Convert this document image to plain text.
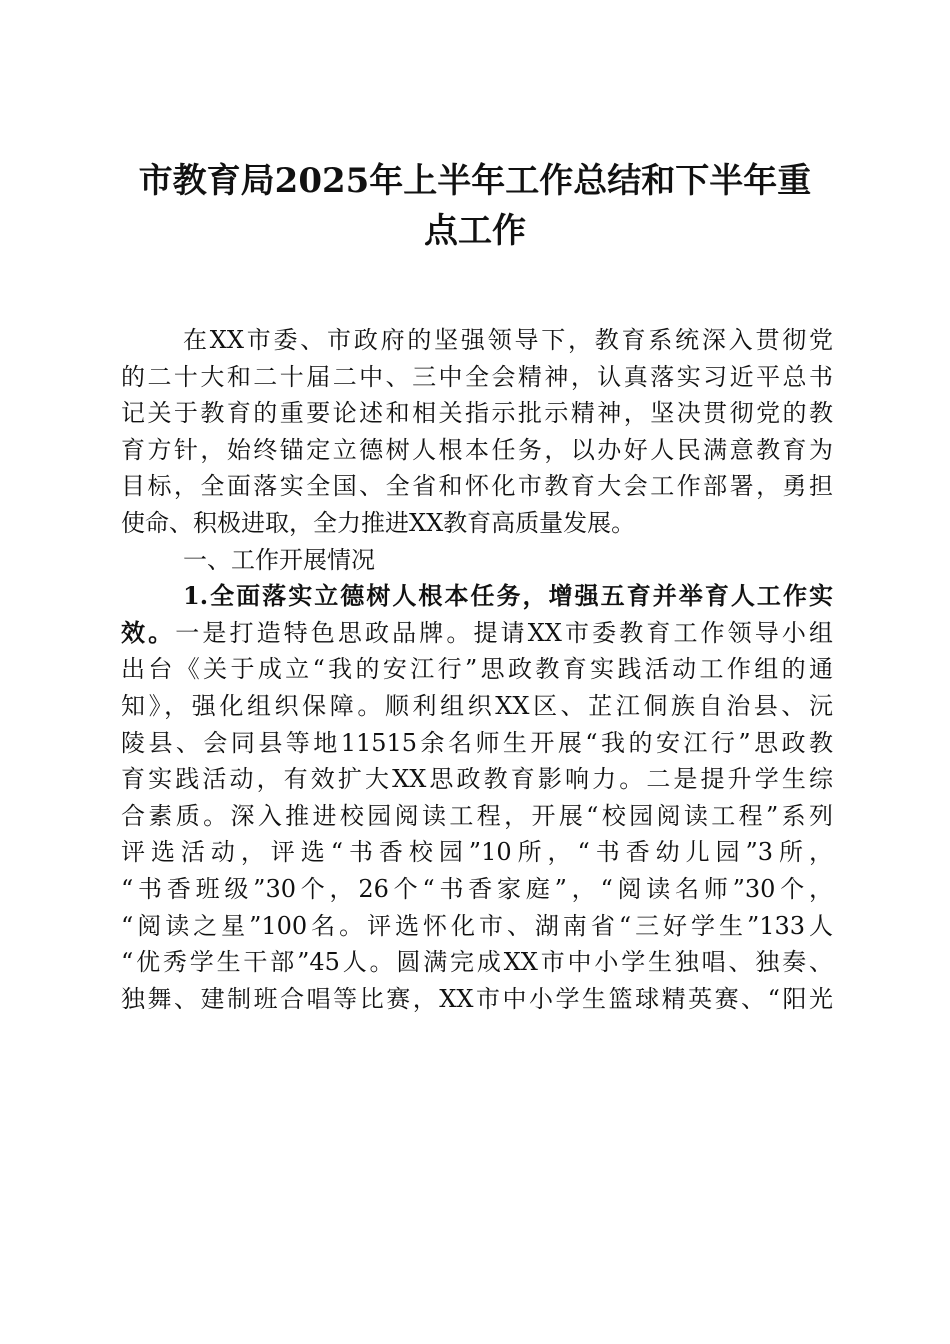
市教育局2025年上半年工作总结和下半年重
点工作
在XX市委、市政府的坚强领导下，教育系统深入贯彻党
的二十大和二十届二中、三中全会精神，认真落实习近平总书
记关于教育的重要论述和相关指示批示精神，坚决贯彻党的教
育方针，始终锚定立德树人根本任务，以办好人民满意教育为
目标，全面落实全国、全省和怀化市教育大会工作部署，勇担
使命、积极进取，全力推进XX教育高质量发展。
一、工作开展情况
1.全面落实立德树人根本任务，增强五育并举育人工作实
效。一是打造特色思政品牌。提请XX市委教育工作领导小组
出台《关于成立“我的安江行”思政教育实践活动工作组的通
知》，强化组织保障。顺利组织XX区、芷江侗族自治县、沅
陵县、会同县等地11515余名师生开展“我的安江行”思政教
育实践活动，有效扩大XX思政教育影响力。二是提升学生综
合素质。深入推进校园阅读工程，开展“校园阅读工程”系列
评选活动，评选“书香校园”10所，“书香幼儿园”3所，
“书香班级”30个，26个“书香家庭”，“阅读名师”30个，
“阅读之星”100名。评选怀化市、湖南省“三好学生”133人
“优秀学生干部”45人。圆满完成XX市中小学生独唱、独奏、
独舞、建制班合唱等比赛，XX市中小学生篮球精英赛、“阳光
